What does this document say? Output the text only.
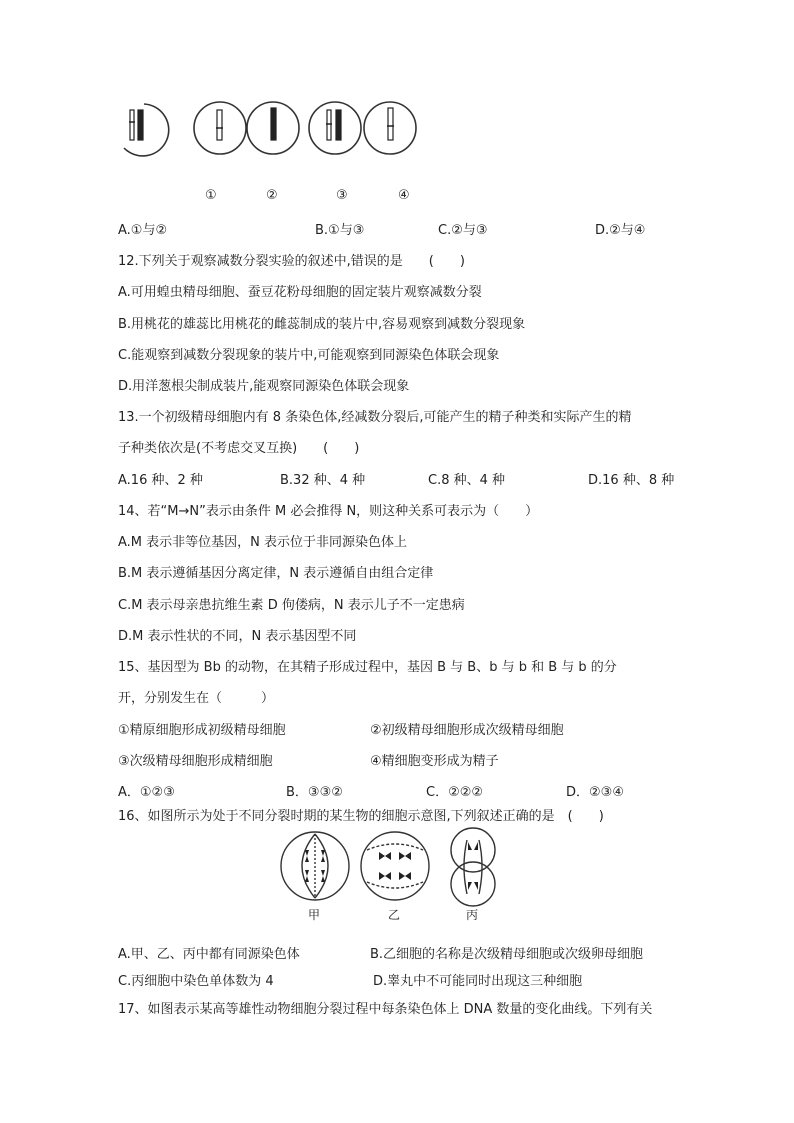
①	②	③	④
A.①与②	B.①与③	C.②与③	D.②与④
12.下列关于观察减数分裂实验的叙述中,错误的是　　(　　)
A.可用蝗虫精母细胞、蚕豆花粉母细胞的固定装片观察减数分裂
B.用桃花的雄蕊比用桃花的雌蕊制成的装片中,容易观察到减数分裂现象
C.能观察到减数分裂现象的装片中,可能观察到同源染色体联会现象
D.用洋葱根尖制成装片,能观察同源染色体联会现象
13.一个初级精母细胞内有 8 条染色体,经减数分裂后,可能产生的精子种类和实际产生的精
子种类依次是(不考虑交叉互换)　　(　　)
A.16 种、2 种	B.32 种、4 种	C.8 种、4 种	D.16 种、8 种
14、若“M→N”表示由条件 M 必会推得 N，则这种关系可表示为（　　）
A.M 表示非等位基因，N 表示位于非同源染色体上
B.M 表示遵循基因分离定律，N 表示遵循自由组合定律
C.M 表示母亲患抗维生素 D 佝偻病，N 表示儿子不一定患病
D.M 表示性状的不同，N 表示基因型不同
15、基因型为 Bb 的动物，在其精子形成过程中，基因 B 与 B、b 与 b 和 B 与 b 的分
开，分别发生在（　　　）
①精原细胞形成初级精母细胞	②初级精母细胞形成次级精母细胞
③次级精母细胞形成精细胞	④精细胞变形成为精子
A．①②③	B．③③②	C．②②②	D．②③④
16、如图所示为处于不同分裂时期的某生物的细胞示意图,下列叙述正确的是　(　　)
甲	乙	丙
A.甲、乙、丙中都有同源染色体	B.乙细胞的名称是次级精母细胞或次级卵母细胞
C.丙细胞中染色单体数为 4	D.睾丸中不可能同时出现这三种细胞
17、如图表示某高等雄性动物细胞分裂过程中每条染色体上 DNA 数量的变化曲线。下列有关
